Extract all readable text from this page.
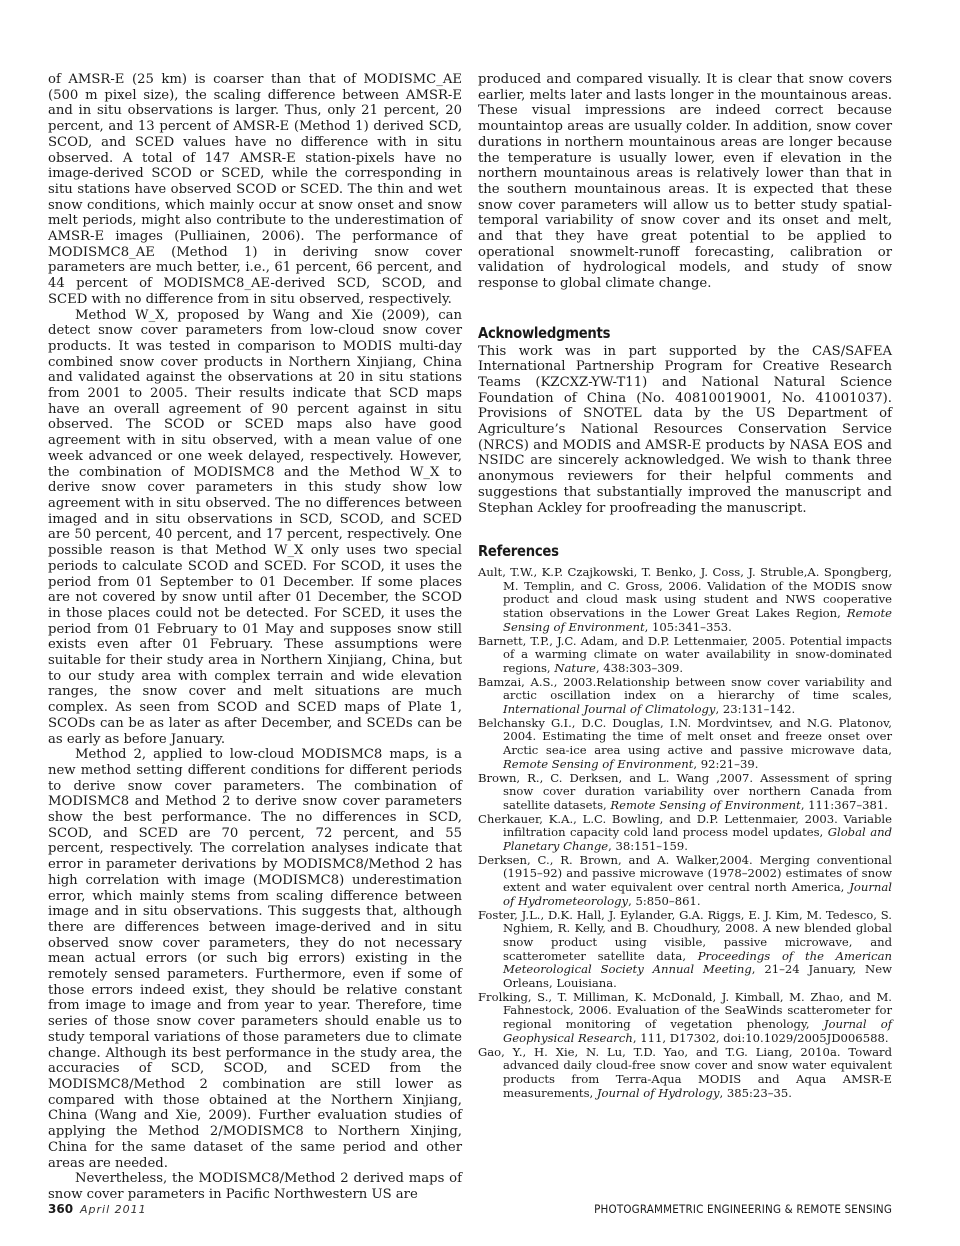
of AMSR-E (25 km) is coarser than that of MODISMC_AE (500 m pixel size), the scaling difference between AMSR-E and in situ observations is larger. Thus, only 21 percent, 20 percent, and 13 percent of AMSR-E (Method 1) derived SCD, SCOD, and SCED values have no difference with in situ observed. A total of 147 AMSR-E station-pixels have no image-derived SCOD or SCED, while the corresponding in situ stations have observed SCOD or SCED. The thin and wet snow conditions, which mainly occur at snow onset and snow melt periods, might also contribute to the underestimation of AMSR-E images (Pulliainen, 2006). The performance of MODISMC8_AE (Method 1) in deriving snow cover parameters are much better, i.e., 61 percent, 66 percent, and 44 percent of MODISMC8_AE-derived SCD, SCOD, and SCED with no difference from in situ observed, respectively.

Method W_X, proposed by Wang and Xie (2009), can detect snow cover parameters from low-cloud snow cover products. It was tested in comparison to MODIS multi-day combined snow cover products in Northern Xinjiang, China and validated against the observations at 20 in situ stations from 2001 to 2005. Their results indicate that SCD maps have an overall agreement of 90 percent against in situ observed. The SCOD or SCED maps also have good agreement with in situ observed, with a mean value of one week advanced or one week delayed, respectively. However, the combination of MODISMC8 and the Method W_X to derive snow cover parameters in this study show low agreement with in situ observed. The no differences between imaged and in situ observations in SCD, SCOD, and SCED are 50 percent, 40 percent, and 17 percent, respectively. One possible reason is that Method W_X only uses two special periods to calculate SCOD and SCED. For SCOD, it uses the period from 01 September to 01 December. If some places are not covered by snow until after 01 December, the SCOD in those places could not be detected. For SCED, it uses the period from 01 February to 01 May and supposes snow still exists even after 01 February. These assumptions were suitable for their study area in Northern Xinjiang, China, but to our study area with complex terrain and wide elevation ranges, the snow cover and melt situations are much complex. As seen from SCOD and SCED maps of Plate 1, SCODs can be as later as after December, and SCEDs can be as early as before January.

Method 2, applied to low-cloud MODISMC8 maps, is a new method setting different conditions for different periods to derive snow cover parameters. The combination of MODISMC8 and Method 2 to derive snow cover parameters show the best performance. The no differences in SCD, SCOD, and SCED are 70 percent, 72 percent, and 55 percent, respectively. The correlation analyses indicate that error in parameter derivations by MODISMC8/Method 2 has high correlation with image (MODISMC8) underestimation error, which mainly stems from scaling difference between image and in situ observations. This suggests that, although there are differences between image-derived and in situ observed snow cover parameters, they do not necessary mean actual errors (or such big errors) existing in the remotely sensed parameters. Furthermore, even if some of those errors indeed exist, they should be relative constant from image to image and from year to year. Therefore, time series of those snow cover parameters should enable us to study temporal variations of those parameters due to climate change. Although its best performance in the study area, the accuracies of SCD, SCOD, and SCED from the MODISMC8/Method 2 combination are still lower as compared with those obtained at the Northern Xinjiang, China (Wang and Xie, 2009). Further evaluation studies of applying the Method 2/MODISMC8 to Northern Xinjing, China for the same dataset of the same period and other areas are needed.

Nevertheless, the MODISMC8/Method 2 derived maps of snow cover parameters in Pacific Northwestern US are

produced and compared visually. It is clear that snow covers earlier, melts later and lasts longer in the mountainous areas. These visual impressions are indeed correct because mountaintop areas are usually colder. In addition, snow cover durations in northern mountainous areas are longer because the temperature is usually lower, even if elevation in the northern mountainous areas is relatively lower than that in the southern mountainous areas. It is expected that these snow cover parameters will allow us to better study spatial-temporal variability of snow cover and its onset and melt, and that they have great potential to be applied to operational snowmelt-runoff forecasting, calibration or validation of hydrological models, and study of snow response to global climate change.

Acknowledgments

This work was in part supported by the CAS/SAFEA International Partnership Program for Creative Research Teams (KZCXZ-YW-T11) and National Natural Science Foundation of China (No. 40810019001, No. 41001037). Provisions of SNOTEL data by the US Department of Agriculture’s National Resources Conservation Service (NRCS) and MODIS and AMSR-E products by NASA EOS and NSIDC are sincerely acknowledged. We wish to thank three anonymous reviewers for their helpful comments and suggestions that substantially improved the manuscript and Stephan Ackley for proofreading the manuscript.

References

Ault, T.W., K.P. Czajkowski, T. Benko, J. Coss, J. Struble,A. Spongberg, M. Templin, and C. Gross, 2006. Validation of the MODIS snow product and cloud mask using student and NWS cooperative station observations in the Lower Great Lakes Region, Remote Sensing of Environment, 105:341–353.

Barnett, T.P., J.C. Adam, and D.P. Lettenmaier, 2005. Potential impacts of a warming climate on water availability in snow-dominated regions, Nature, 438:303–309.

Bamzai, A.S., 2003.Relationship between snow cover variability and arctic oscillation index on a hierarchy of time scales, International Journal of Climatology, 23:131–142.

Belchansky G.I., D.C. Douglas, I.N. Mordvintsev, and N.G. Platonov, 2004. Estimating the time of melt onset and freeze onset over Arctic sea-ice area using active and passive microwave data, Remote Sensing of Environment, 92:21–39.

Brown, R., C. Derksen, and L. Wang ,2007. Assessment of spring snow cover duration variability over northern Canada from satellite datasets, Remote Sensing of Environment, 111:367–381.

Cherkauer, K.A., L.C. Bowling, and D.P. Lettenmaier, 2003. Variable infiltration capacity cold land process model updates, Global and Planetary Change, 38:151–159.

Derksen, C., R. Brown, and A. Walker,2004. Merging conventional (1915–92) and passive microwave (1978–2002) estimates of snow extent and water equivalent over central north America, Journal of Hydrometeorology, 5:850–861.

Foster, J.L., D.K. Hall, J. Eylander, G.A. Riggs, E. J. Kim, M. Tedesco, S. Nghiem, R. Kelly, and B. Choudhury, 2008. A new blended global snow product using visible, passive microwave, and scatterometer satellite data, Proceedings of the American Meteorological Society Annual Meeting, 21–24 January, New Orleans, Louisiana.

Frolking, S., T. Milliman, K. McDonald, J. Kimball, M. Zhao, and M. Fahnestock, 2006. Evaluation of the SeaWinds scatterometer for regional monitoring of vegetation phenology, Journal of Geophysical Research, 111, D17302, doi:10.1029/2005JD006588.

Gao, Y., H. Xie, N. Lu, T.D. Yao, and T.G. Liang, 2010a. Toward advanced daily cloud-free snow cover and snow water equivalent products from Terra-Aqua MODIS and Aqua AMSR-E measurements, Journal of Hydrology, 385:23–35.

360 April 2011	PHOTOGRAMMETRIC ENGINEERING & REMOTE SENSING
